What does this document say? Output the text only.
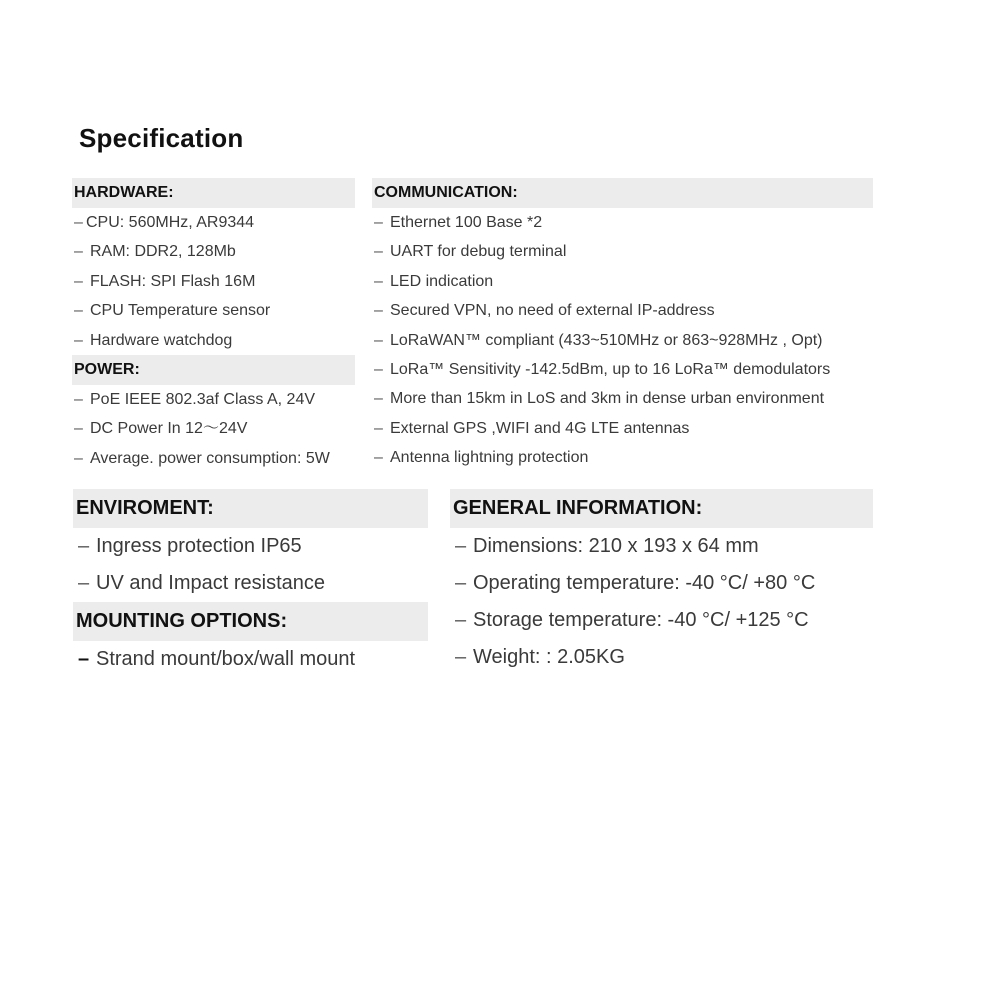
Specification
HARDWARE:
– CPU: 560MHz, AR9344
– RAM: DDR2, 128Mb
– FLASH: SPI Flash 16M
– CPU Temperature sensor
– Hardware watchdog
POWER:
– PoE IEEE 802.3af Class A, 24V
– DC Power In 12～24V
– Average. power consumption: 5W
COMMUNICATION:
– Ethernet 100 Base *2
– UART for debug terminal
– LED indication
– Secured VPN, no need of external IP-address
– LoRaWAN™ compliant (433~510MHz or 863~928MHz , Opt)
– LoRa™ Sensitivity -142.5dBm, up to 16 LoRa™ demodulators
– More than 15km in LoS and 3km in dense urban environment
– External GPS ,WIFI and 4G LTE antennas
– Antenna lightning protection
ENVIROMENT:
– Ingress protection IP65
– UV and Impact resistance
MOUNTING OPTIONS:
– Strand mount/box/wall mount
GENERAL INFORMATION:
– Dimensions: 210 x 193 x 64 mm
– Operating temperature: -40 °C/ +80 °C
– Storage temperature: -40 °C/ +125 °C
– Weight: : 2.05KG
